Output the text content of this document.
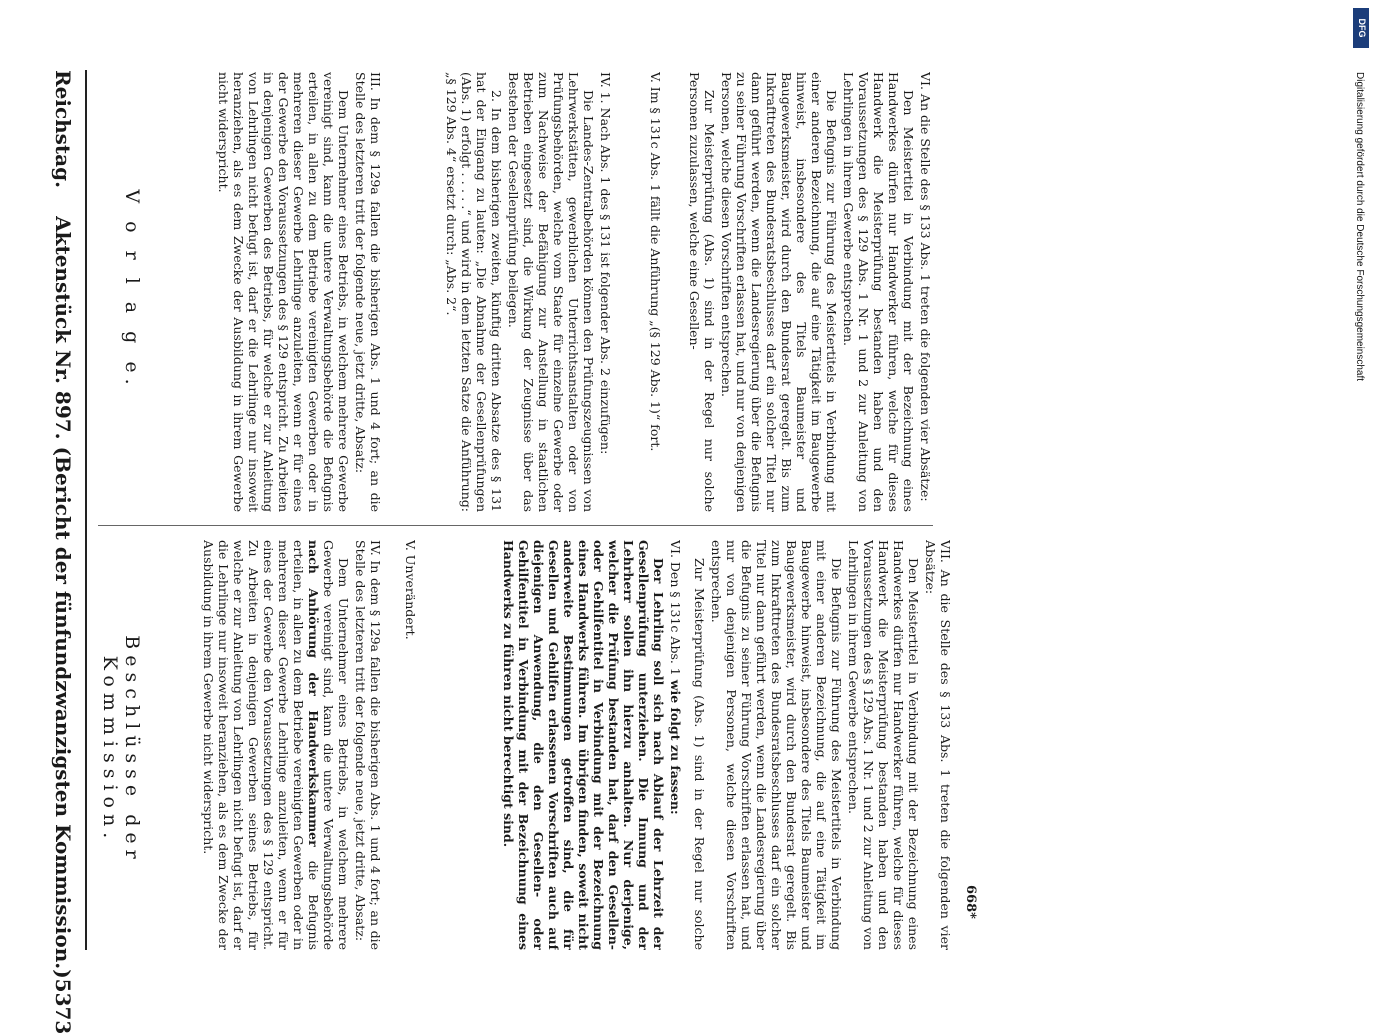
Reichstag.
Aktenstück Nr. 897. (Bericht der fünfundzwanzigsten Kommission.)
5373
V o r l a g e.	III. In dem § 129a fallen die bisherigen Abs. 1 und 4 fort; an die Stelle des letzteren tritt der folgende neue, jetzt dritte, Absatz:

Dem Unternehmer eines Betriebs, in welchem mehrere Gewerbe vereinigt sind, kann die untere Verwaltungsbehörde die Befugnis erteilen, in allen zu dem Betriebe vereinigten Gewerben oder in mehreren dieser Gewerbe Lehrlinge anzuleiten, wenn er für eines der Gewerbe den Voraussetzungen des § 129 entspricht. Zu Arbeiten in denjenigen Gewerben des Betriebs, für welche er zur Anleitung von Lehrlingen nicht befugt ist, darf er die Lehrlinge nur insoweit heranziehen, als es dem Zwecke der Ausbildung in ihrem Gewerbe nicht widerspricht.	IV. 1. Nach Abs. 1 des § 131 ist folgender Abs. 2 einzufügen:

Die Landes-Zentralbehörden können den Prüfungszeugnissen von Lehrwerkstätten, gewerblichen Unterrichtsanstalten oder von Prüfungsbehörden, welche vom Staate für einzelne Gewerbe oder zum Nachweise der Befähigung zur Anstellung in staatlichen Betrieben eingesetzt sind, die Wirkung der Zeugnisse über das Bestehen der Gesellenprüfung beilegen.

2. In dem bisherigen zweiten, künftig dritten Absatze des § 131 hat der Eingang zu lauten: „Die Abnahme der Gesellenprüfungen (Abs. 1) erfolgt . . . . .“ und wird in dem letzten Satze die Anführung: „§ 129 Abs. 4“ ersetzt durch: „Abs. 2“.	V. Im § 131c Abs. 1 fällt die Anführung „(§ 129 Abs. 1)“ fort.	VI. An die Stelle des § 133 Abs. 1 treten die folgenden vier Absätze:

Den Meistertitel in Verbindung mit der Bezeichnung eines Handwerkes dürfen nur Handwerker führen, welche für dieses Handwerk die Meisterprüfung bestanden haben und den Voraussetzungen des § 129 Abs. 1 Nr. 1 und 2 zur Anleitung von Lehrlingen in ihrem Gewerbe entsprechen.

Die Befugnis zur Führung des Meistertitels in Verbindung mit einer anderen Bezeichnung, die auf eine Tätigkeit im Baugewerbe hinweist, insbesondere des Titels Baumeister und Baugewerksmeister, wird durch den Bundesrat geregelt. Bis zum Inkrafttreten des Bundesratsbeschlusses darf ein solcher Titel nur dann geführt werden, wenn die Landesregierung über die Befugnis zu seiner Führung Vorschriften erlassen hat, und nur von denjenigen Personen, welche diesen Vorschriften entsprechen.

Zur Meisterprüfung (Abs. 1) sind in der Regel nur solche Personen zuzulassen, welche eine Gesellen-

Beschlüsse der Kommission.	IV. In dem § 129a fallen die bisherigen Abs. 1 und 4 fort; an die Stelle des letzteren tritt der folgende neue, jetzt dritte, Absatz:

Dem Unternehmer eines Betriebs, in welchem mehrere Gewerbe vereinigt sind, kann die untere Verwaltungsbehörde nach Anhörung der Handwerkskammer die Befugnis erteilen, in allen zu dem Betriebe vereinigten Gewerben oder in mehreren dieser Gewerbe Lehrlinge anzuleiten, wenn er für eines der Gewerbe den Voraussetzungen des § 129 entspricht. Zu Arbeiten in denjenigen Gewerben seines Betriebs, für welche er zur Anleitung von Lehrlingen nicht befugt ist, darf er die Lehrlinge nur insoweit heranziehen, als es dem Zwecke der Ausbildung in ihrem Gewerbe nicht widerspricht.	V. Unverändert.	VI. Den § 131c Abs. 1 wie folgt zu fassen:

Der Lehrling soll sich nach Ablauf der Lehrzeit der Gesellenprüfung unterziehen. Die Innung und der Lehrherr sollen ihn hierzu anhalten. Nur derjenige, welcher die Prüfung bestanden hat, darf den Gesellen- oder Gehilfentitel in Verbindung mit der Bezeichnung eines Handwerks führen. Im übrigen finden, soweit nicht anderweite Bestimmungen getroffen sind, die für Gesellen und Gehilfen erlassenen Vorschriften auch auf diejenigen Anwendung, die den Gesellen- oder Gehilfentitel in Verbindung mit der Bezeichnung eines Handwerks zu führen nicht berechtigt sind.	VII. An die Stelle des § 133 Abs. 1 treten die folgenden vier Absätze:

Den Meistertitel in Verbindung mit der Bezeichnung eines Handwerkes dürfen nur Handwerker führen, welche für dieses Handwerk die Meisterprüfung bestanden haben und den Voraussetzungen des § 129 Abs. 1 Nr. 1 und 2 zur Anleitung von Lehrlingen in ihrem Gewerbe entsprechen.

Die Befugnis zur Führung des Meistertitels in Verbindung mit einer anderen Bezeichnung, die auf eine Tätigkeit im Baugewerbe hinweist, insbesondere des Titels Baumeister und Baugewerksmeister, wird durch den Bundesrat geregelt. Bis zum Inkrafttreten des Bundesratsbeschlusses darf ein solcher Titel nur dann geführt werden, wenn die Landesregierung über die Befugnis zu seiner Führung Vorschriften erlassen hat, und nur von denjenigen Personen, welche diesen Vorschriften entsprechen.

Zur Meisterprüfung (Abs. 1) sind in der Regel nur solche

668*
Digitalisierung gefördert durch die Deutsche Forschungsgemeinschaft
DFG
